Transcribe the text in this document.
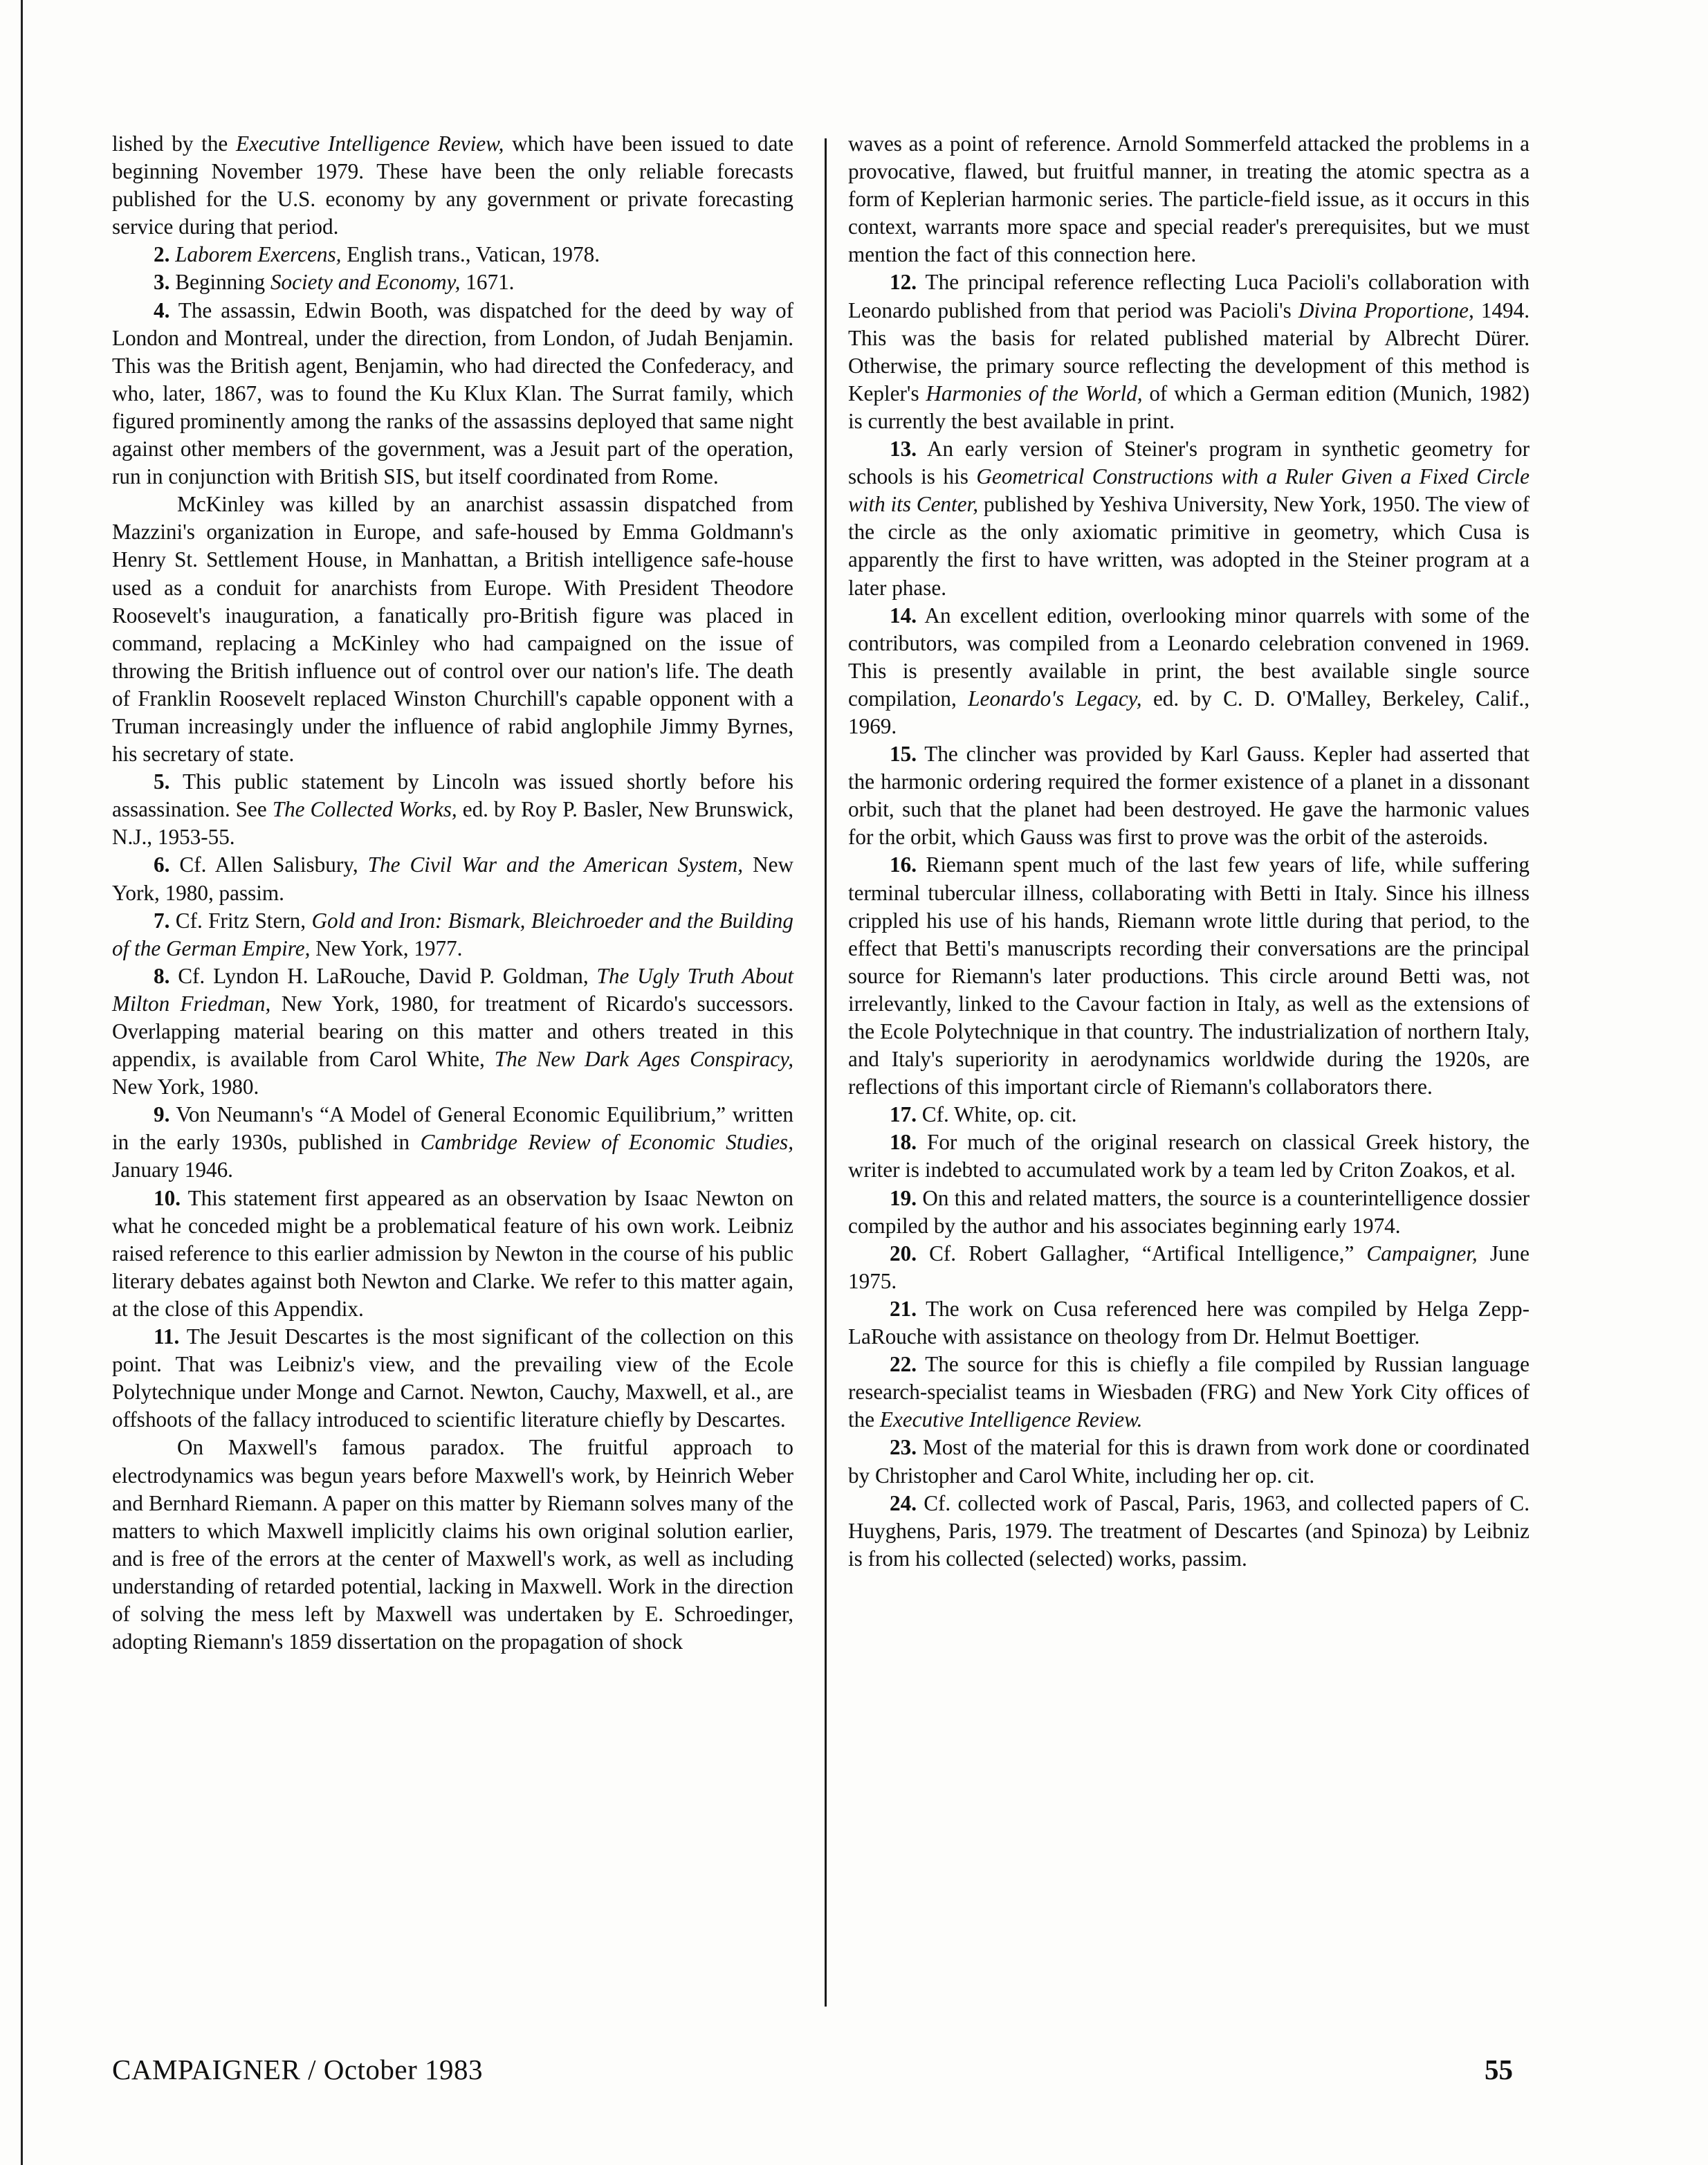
lished by the Executive Intelligence Review, which have been issued to date beginning November 1979. These have been the only reliable forecasts published for the U.S. economy by any government or private forecasting service during that period.

2. Laborem Exercens, English trans., Vatican, 1978.

3. Beginning Society and Economy, 1671.

4. The assassin, Edwin Booth, was dispatched for the deed by way of London and Montreal, under the direction, from London, of Judah Benjamin. This was the British agent, Benjamin, who had directed the Confederacy, and who, later, 1867, was to found the Ku Klux Klan. The Surrat family, which figured prominently among the ranks of the assassins deployed that same night against other members of the government, was a Jesuit part of the operation, run in conjunction with British SIS, but itself coordinated from Rome.

McKinley was killed by an anarchist assassin dispatched from Mazzini's organization in Europe, and safe-housed by Emma Goldmann's Henry St. Settlement House, in Manhattan, a British intelligence safe-house used as a conduit for anarchists from Europe. With President Theodore Roosevelt's inauguration, a fanatically pro-British figure was placed in command, replacing a McKinley who had campaigned on the issue of throwing the British influence out of control over our nation's life. The death of Franklin Roosevelt replaced Winston Churchill's capable opponent with a Truman increasingly under the influence of rabid anglophile Jimmy Byrnes, his secretary of state.

5. This public statement by Lincoln was issued shortly before his assassination. See The Collected Works, ed. by Roy P. Basler, New Brunswick, N.J., 1953-55.

6. Cf. Allen Salisbury, The Civil War and the American System, New York, 1980, passim.

7. Cf. Fritz Stern, Gold and Iron: Bismark, Bleichroeder and the Building of the German Empire, New York, 1977.

8. Cf. Lyndon H. LaRouche, David P. Goldman, The Ugly Truth About Milton Friedman, New York, 1980, for treatment of Ricardo's successors. Overlapping material bearing on this matter and others treated in this appendix, is available from Carol White, The New Dark Ages Conspiracy, New York, 1980.

9. Von Neumann's “A Model of General Economic Equilibrium,” written in the early 1930s, published in Cambridge Review of Economic Studies, January 1946.

10. This statement first appeared as an observation by Isaac Newton on what he conceded might be a problematical feature of his own work. Leibniz raised reference to this earlier admission by Newton in the course of his public literary debates against both Newton and Clarke. We refer to this matter again, at the close of this Appendix.

11. The Jesuit Descartes is the most significant of the collection on this point. That was Leibniz's view, and the prevailing view of the Ecole Polytechnique under Monge and Carnot. Newton, Cauchy, Maxwell, et al., are offshoots of the fallacy introduced to scientific literature chiefly by Descartes.

On Maxwell's famous paradox. The fruitful approach to electrodynamics was begun years before Maxwell's work, by Heinrich Weber and Bernhard Riemann. A paper on this matter by Riemann solves many of the matters to which Maxwell implicitly claims his own original solution earlier, and is free of the errors at the center of Maxwell's work, as well as including understanding of retarded potential, lacking in Maxwell. Work in the direction of solving the mess left by Maxwell was undertaken by E. Schroedinger, adopting Riemann's 1859 dissertation on the propagation of shock

waves as a point of reference. Arnold Sommerfeld attacked the problems in a provocative, flawed, but fruitful manner, in treating the atomic spectra as a form of Keplerian harmonic series. The particle-field issue, as it occurs in this context, warrants more space and special reader's prerequisites, but we must mention the fact of this connection here.

12. The principal reference reflecting Luca Pacioli's collaboration with Leonardo published from that period was Pacioli's Divina Proportione, 1494. This was the basis for related published material by Albrecht Dürer. Otherwise, the primary source reflecting the development of this method is Kepler's Harmonies of the World, of which a German edition (Munich, 1982) is currently the best available in print.

13. An early version of Steiner's program in synthetic geometry for schools is his Geometrical Constructions with a Ruler Given a Fixed Circle with its Center, published by Yeshiva University, New York, 1950. The view of the circle as the only axiomatic primitive in geometry, which Cusa is apparently the first to have written, was adopted in the Steiner program at a later phase.

14. An excellent edition, overlooking minor quarrels with some of the contributors, was compiled from a Leonardo celebration convened in 1969. This is presently available in print, the best available single source compilation, Leonardo's Legacy, ed. by C. D. O'Malley, Berkeley, Calif., 1969.

15. The clincher was provided by Karl Gauss. Kepler had asserted that the harmonic ordering required the former existence of a planet in a dissonant orbit, such that the planet had been destroyed. He gave the harmonic values for the orbit, which Gauss was first to prove was the orbit of the asteroids.

16. Riemann spent much of the last few years of life, while suffering terminal tubercular illness, collaborating with Betti in Italy. Since his illness crippled his use of his hands, Riemann wrote little during that period, to the effect that Betti's manuscripts recording their conversations are the principal source for Riemann's later productions. This circle around Betti was, not irrelevantly, linked to the Cavour faction in Italy, as well as the extensions of the Ecole Polytechnique in that country. The industrialization of northern Italy, and Italy's superiority in aerodynamics worldwide during the 1920s, are reflections of this important circle of Riemann's collaborators there.

17. Cf. White, op. cit.

18. For much of the original research on classical Greek history, the writer is indebted to accumulated work by a team led by Criton Zoakos, et al.

19. On this and related matters, the source is a counterintelligence dossier compiled by the author and his associates beginning early 1974.

20. Cf. Robert Gallagher, “Artifical Intelligence,” Campaigner, June 1975.

21. The work on Cusa referenced here was compiled by Helga Zepp-LaRouche with assistance on theology from Dr. Helmut Boettiger.

22. The source for this is chiefly a file compiled by Russian language research-specialist teams in Wiesbaden (FRG) and New York City offices of the Executive Intelligence Review.

23. Most of the material for this is drawn from work done or coordinated by Christopher and Carol White, including her op. cit.

24. Cf. collected work of Pascal, Paris, 1963, and collected papers of C. Huyghens, Paris, 1979. The treatment of Descartes (and Spinoza) by Leibniz is from his collected (selected) works, passim.

CAMPAIGNER / October 1983	55
